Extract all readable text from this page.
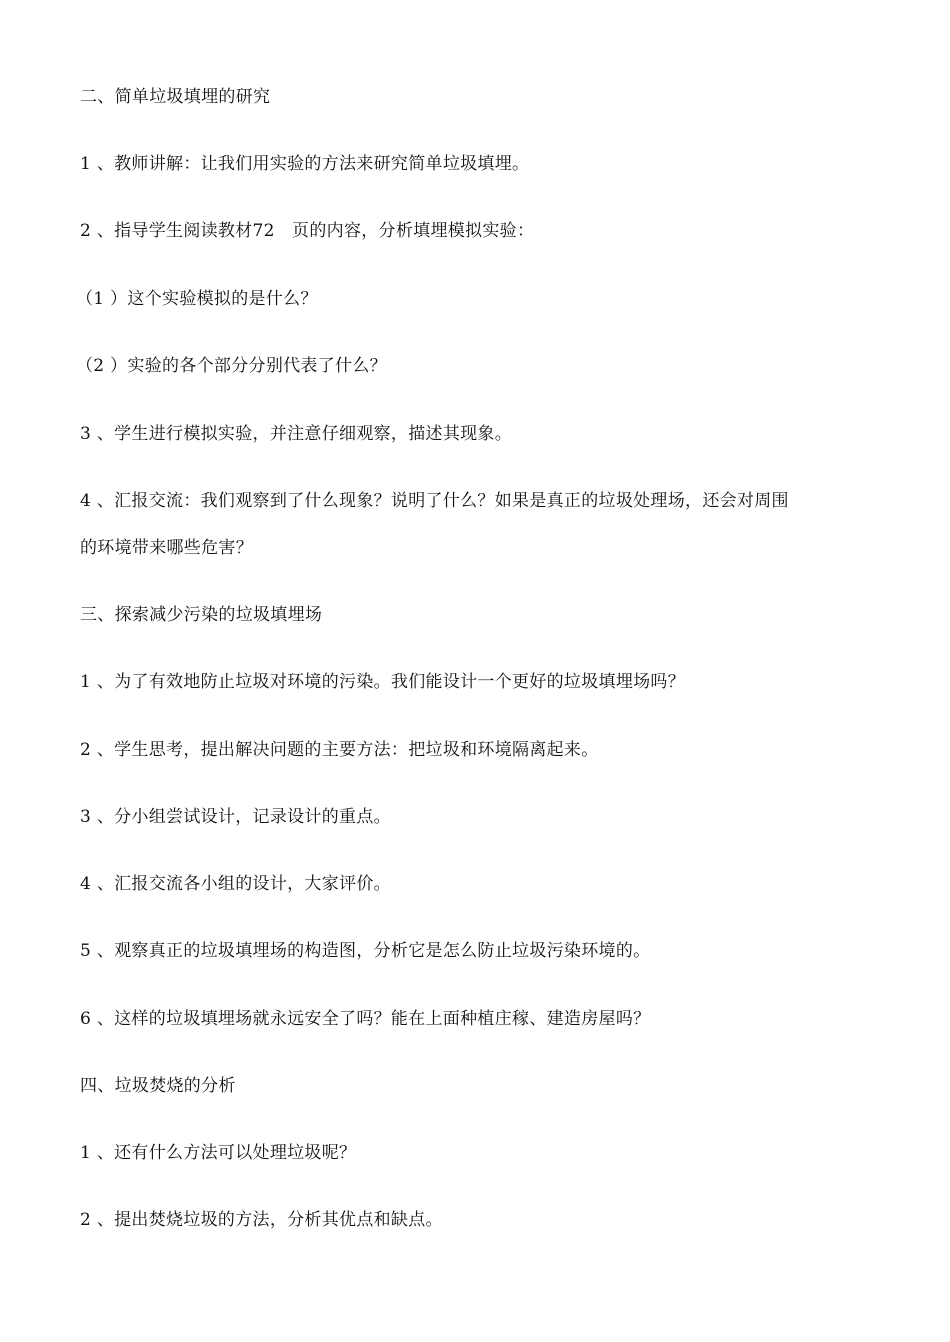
二、简单垃圾填埋的研究
1 、教师讲解：让我们用实验的方法来研究简单垃圾填埋。
2 、指导学生阅读教材72　页的内容，分析填埋模拟实验：
（1 ）这个实验模拟的是什么？
（2 ）实验的各个部分分别代表了什么？
3 、学生进行模拟实验，并注意仔细观察，描述其现象。
4 、汇报交流：我们观察到了什么现象？说明了什么？如果是真正的垃圾处理场，还会对周围
的环境带来哪些危害？
三、探索减少污染的垃圾填埋场
1 、为了有效地防止垃圾对环境的污染。我们能设计一个更好的垃圾填埋场吗？
2 、学生思考，提出解决问题的主要方法：把垃圾和环境隔离起来。
3 、分小组尝试设计，记录设计的重点。
4 、汇报交流各小组的设计，大家评价。
5 、观察真正的垃圾填埋场的构造图，分析它是怎么防止垃圾污染环境的。
6 、这样的垃圾填埋场就永远安全了吗？能在上面种植庄稼、建造房屋吗？
四、垃圾焚烧的分析
1 、还有什么方法可以处理垃圾呢？
2 、提出焚烧垃圾的方法，分析其优点和缺点。
